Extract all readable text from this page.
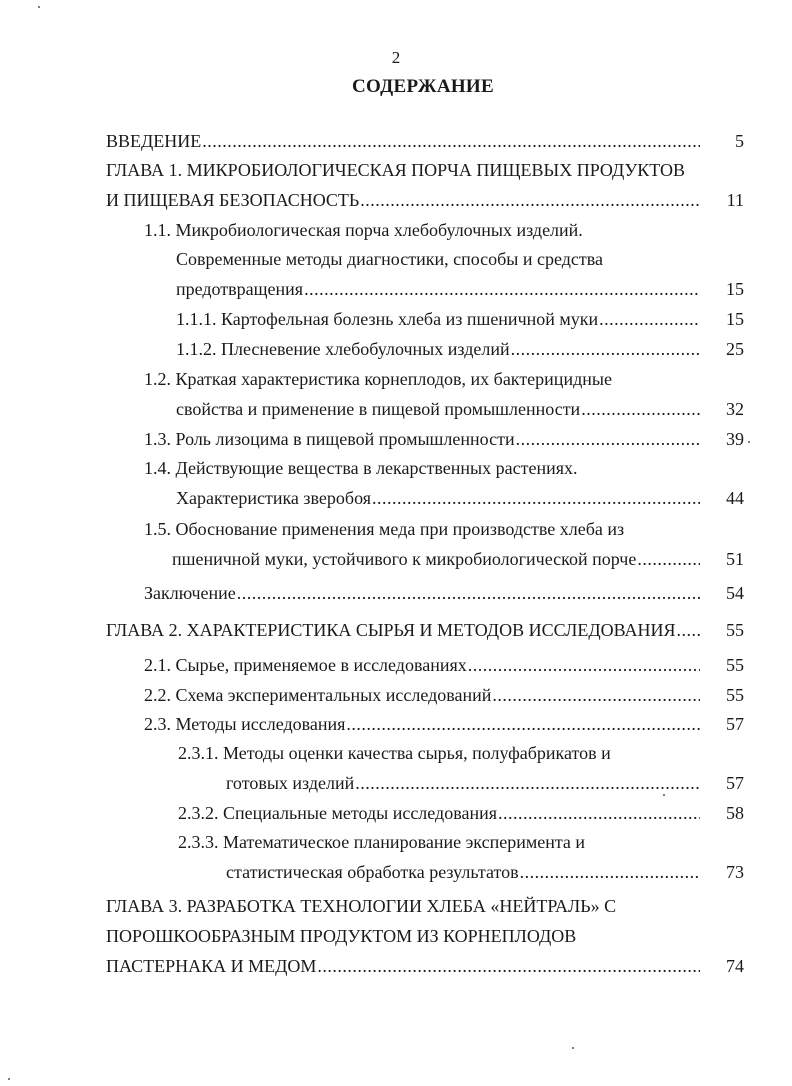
2
СОДЕРЖАНИЕ
ВВЕДЕНИЕ .....	5
ГЛАВА 1. МИКРОБИОЛОГИЧЕСКАЯ ПОРЧА ПИЩЕВЫХ ПРОДУКТОВ
И ПИЩЕВАЯ БЕЗОПАСНОСТЬ .....	11
1.1. Микробиологическая порча хлебобулочных изделий.
Современные методы диагностики, способы и средства
предотвращения .....	15
1.1.1. Картофельная болезнь хлеба из пшеничной муки .....	15
1.1.2. Плесневение хлебобулочных изделий .....	25
1.2. Краткая характеристика корнеплодов, их бактерицидные
свойства и применение в пищевой промышленности .....	32
1.3. Роль лизоцима в пищевой промышленности .....	39
1.4. Действующие вещества в лекарственных растениях.
Характеристика зверобоя .....	44
1.5. Обоснование применения меда при производстве хлеба из
пшеничной муки, устойчивого к микробиологической порче .....	51
Заключение .....	54
ГЛАВА 2. ХАРАКТЕРИСТИКА СЫРЬЯ И МЕТОДОВ ИССЛЕДОВАНИЯ .....	55
2.1. Сырье, применяемое в исследованиях .....	55
2.2. Схема экспериментальных исследований .....	55
2.3. Методы исследования .....	57
2.3.1. Методы оценки качества сырья, полуфабрикатов и
готовых изделий .....	57
2.3.2. Специальные методы исследования .....	58
2.3.3. Математическое планирование эксперимента и
статистическая обработка результатов .....	73
ГЛАВА 3. РАЗРАБОТКА ТЕХНОЛОГИИ ХЛЕБА «НЕЙТРАЛЬ» С
ПОРОШКООБРАЗНЫМ ПРОДУКТОМ ИЗ КОРНЕПЛОДОВ
ПАСТЕРНАКА И МЕДОМ .....	74
